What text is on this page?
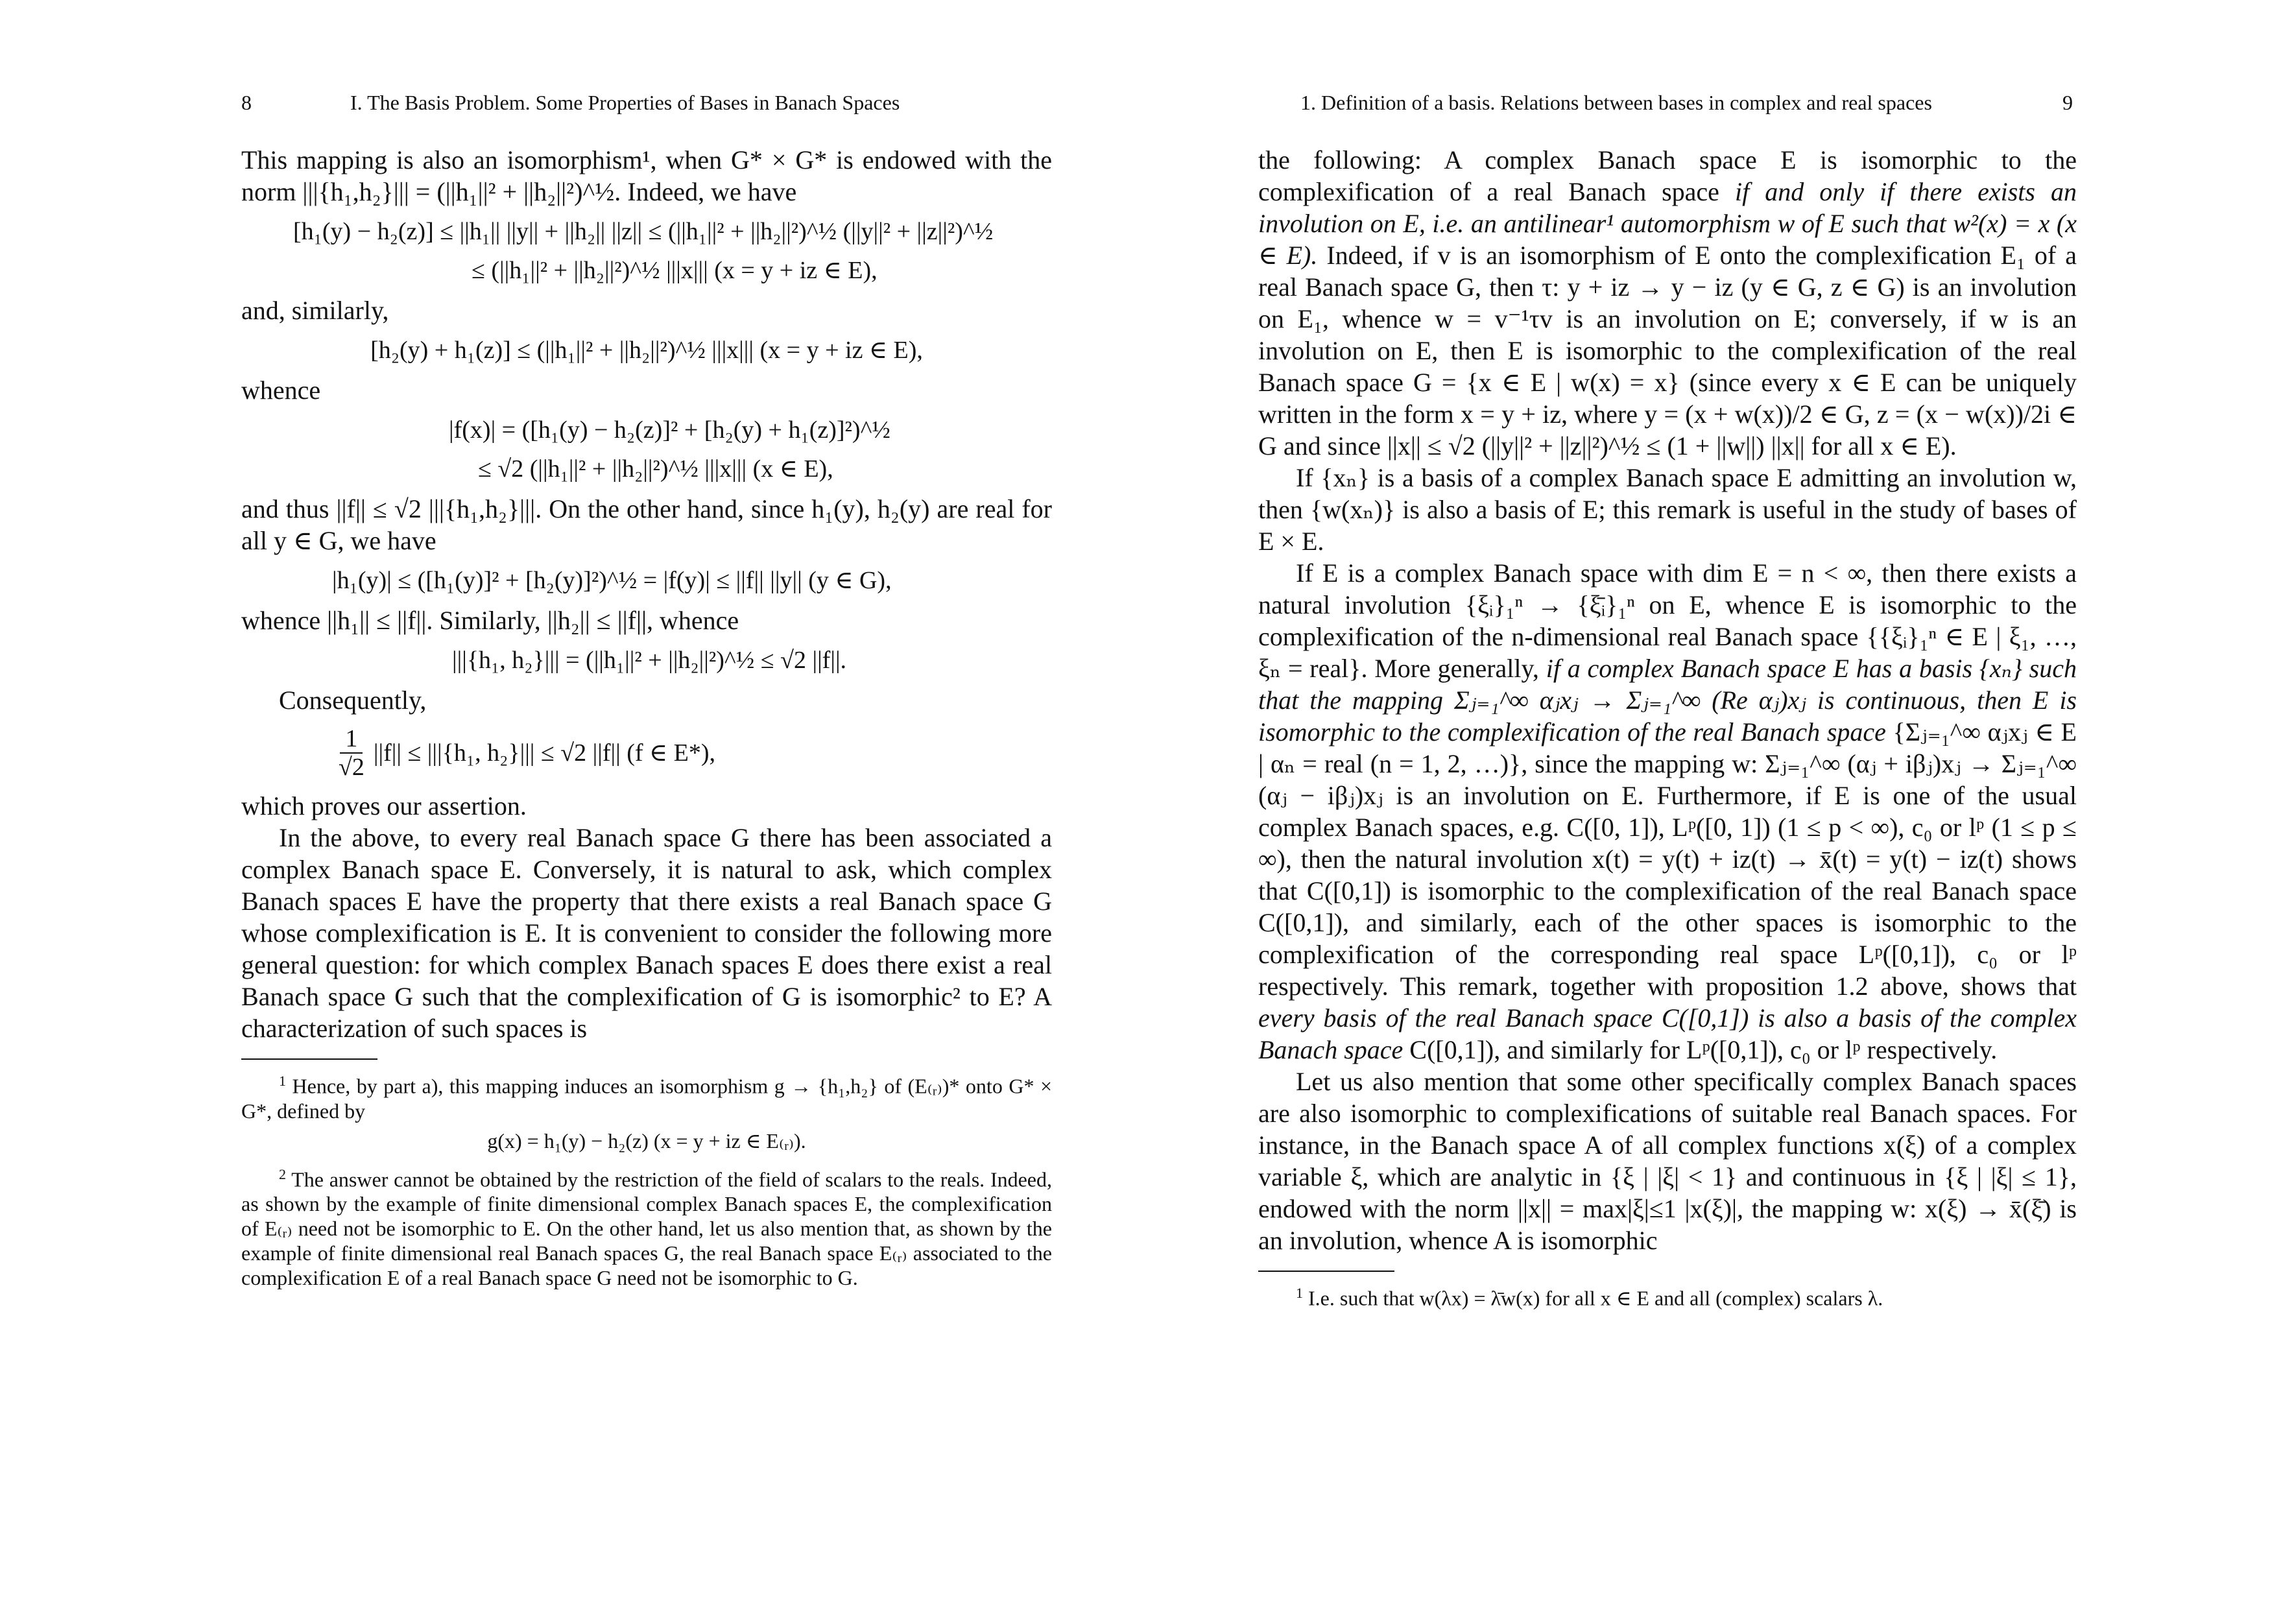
8	I. The Basis Problem. Some Properties of Bases in Banach Spaces

This mapping is also an isomorphism¹, when G* × G* is endowed with the norm |||{h₁,h₂}||| = (||h₁||² + ||h₂||²)^½. Indeed, we have

[h₁(y) − h₂(z)] ≤ ||h₁|| ||y|| + ||h₂|| ||z|| ≤ (||h₁||² + ||h₂||²)^½ (||y||² + ||z||²)^½
≤ (||h₁||² + ||h₂||²)^½ |||x||| (x = y + iz ∈ E),

and, similarly,

[h₂(y) + h₁(z)] ≤ (||h₁||² + ||h₂||²)^½ |||x||| (x = y + iz ∈ E),

whence

|f(x)| = ([h₁(y) − h₂(z)]² + [h₂(y) + h₁(z)]²)^½
≤ √2 (||h₁||² + ||h₂||²)^½ |||x||| (x ∈ E),

and thus ||f|| ≤ √2 |||{h₁,h₂}|||. On the other hand, since h₁(y), h₂(y) are real for all y ∈ G, we have

|h₁(y)| ≤ ([h₁(y)]² + [h₂(y)]²)^½ = |f(y)| ≤ ||f|| ||y|| (y ∈ G),

whence ||h₁|| ≤ ||f||. Similarly, ||h₂|| ≤ ||f||, whence

|||{h₁, h₂}||| = (||h₁||² + ||h₂||²)^½ ≤ √2 ||f||.

Consequently,

$\frac{1}{√2} ||f|| \le |||\{h_1$, h₂}||| ≤ √2 ||f|| (f ∈ E*),

which proves our assertion.

In the above, to every real Banach space G there has been associated a complex Banach space E. Conversely, it is natural to ask, which complex Banach spaces E have the property that there exists a real Banach space G whose complexification is E. It is convenient to consider the following more general question: for which complex Banach spaces E does there exist a real Banach space G such that the complexification of G is isomorphic² to E? A characterization of such spaces is

$^1$ Hence, by part a), this mapping induces an isomorphism g → {h₁,h₂} of (E₍ᵣ₎)* onto G* × G*, defined by

g(x) = h₁(y) − h₂(z) (x = y + iz ∈ E₍ᵣ₎).

$^2$ The answer cannot be obtained by the restriction of the field of scalars to the reals. Indeed, as shown by the example of finite dimensional complex Banach spaces E, the complexification of E₍ᵣ₎ need not be isomorphic to E. On the other hand, let us also mention that, as shown by the example of finite dimensional real Banach spaces G, the real Banach space E₍ᵣ₎ associated to the complexification E of a real Banach space G need not be isomorphic to G.

1. Definition of a basis. Relations between bases in complex and real spaces	9

the following: A complex Banach space E is isomorphic to the complexification of a real Banach space if and only if there exists an involution on E, i.e. an antilinear¹ automorphism w of E such that w²(x) = x (x ∈ E). Indeed, if v is an isomorphism of E onto the complexification E₁ of a real Banach space G, then τ: y + iz → y − iz (y ∈ G, z ∈ G) is an involution on E₁, whence w = v⁻¹τv is an involution on E; conversely, if w is an involution on E, then E is isomorphic to the complexification of the real Banach space G = {x ∈ E | w(x) = x} (since every x ∈ E can be uniquely written in the form x = y + iz, where y = (x + w(x))/2 ∈ G, z = (x − w(x))/2i ∈ G and since ||x|| ≤ √2 (||y||² + ||z||²)^½ ≤ (1 + ||w||) ||x|| for all x ∈ E).

If {xₙ} is a basis of a complex Banach space E admitting an involution w, then {w(xₙ)} is also a basis of E; this remark is useful in the study of bases of E × E.

If E is a complex Banach space with dim E = n < ∞, then there exists a natural involution {ξᵢ}₁ⁿ → {ξ̄ᵢ}₁ⁿ on E, whence E is isomorphic to the complexification of the n-dimensional real Banach space {{ξᵢ}₁ⁿ ∈ E | ξ₁, …, ξₙ = real}. More generally, if a complex Banach space E has a basis {xₙ} such that the mapping Σⱼ₌₁^∞ αⱼxⱼ → Σⱼ₌₁^∞ (Re αⱼ)xⱼ is continuous, then E is isomorphic to the complexification of the real Banach space {Σⱼ₌₁^∞ αⱼxⱼ ∈ E | αₙ = real (n = 1, 2, …)}, since the mapping w: Σⱼ₌₁^∞ (αⱼ + iβⱼ)xⱼ → Σⱼ₌₁^∞ (αⱼ − iβⱼ)xⱼ is an involution on E. Furthermore, if E is one of the usual complex Banach spaces, e.g. C([0, 1]), Lᵖ([0, 1]) (1 ≤ p < ∞), c₀ or lᵖ (1 ≤ p ≤ ∞), then the natural involution x(t) = y(t) + iz(t) → x̄(t) = y(t) − iz(t) shows that C([0,1]) is isomorphic to the complexification of the real Banach space C([0,1]), and similarly, each of the other spaces is isomorphic to the complexification of the corresponding real space Lᵖ([0,1]), c₀ or lᵖ respectively. This remark, together with proposition 1.2 above, shows that every basis of the real Banach space C([0,1]) is also a basis of the complex Banach space C([0,1]), and similarly for Lᵖ([0,1]), c₀ or lᵖ respectively.

Let us also mention that some other specifically complex Banach spaces are also isomorphic to complexifications of suitable real Banach spaces. For instance, in the Banach space A of all complex functions x(ξ) of a complex variable ξ, which are analytic in {ξ | |ξ| < 1} and continuous in {ξ | |ξ| ≤ 1}, endowed with the norm ||x|| = max|ξ|≤1 |x(ξ)|, the mapping w: x(ξ) → x̄(ξ̄) is an involution, whence A is isomorphic

$^1$ I.e. such that w(λx) = λ̄w(x) for all x ∈ E and all (complex) scalars λ.
